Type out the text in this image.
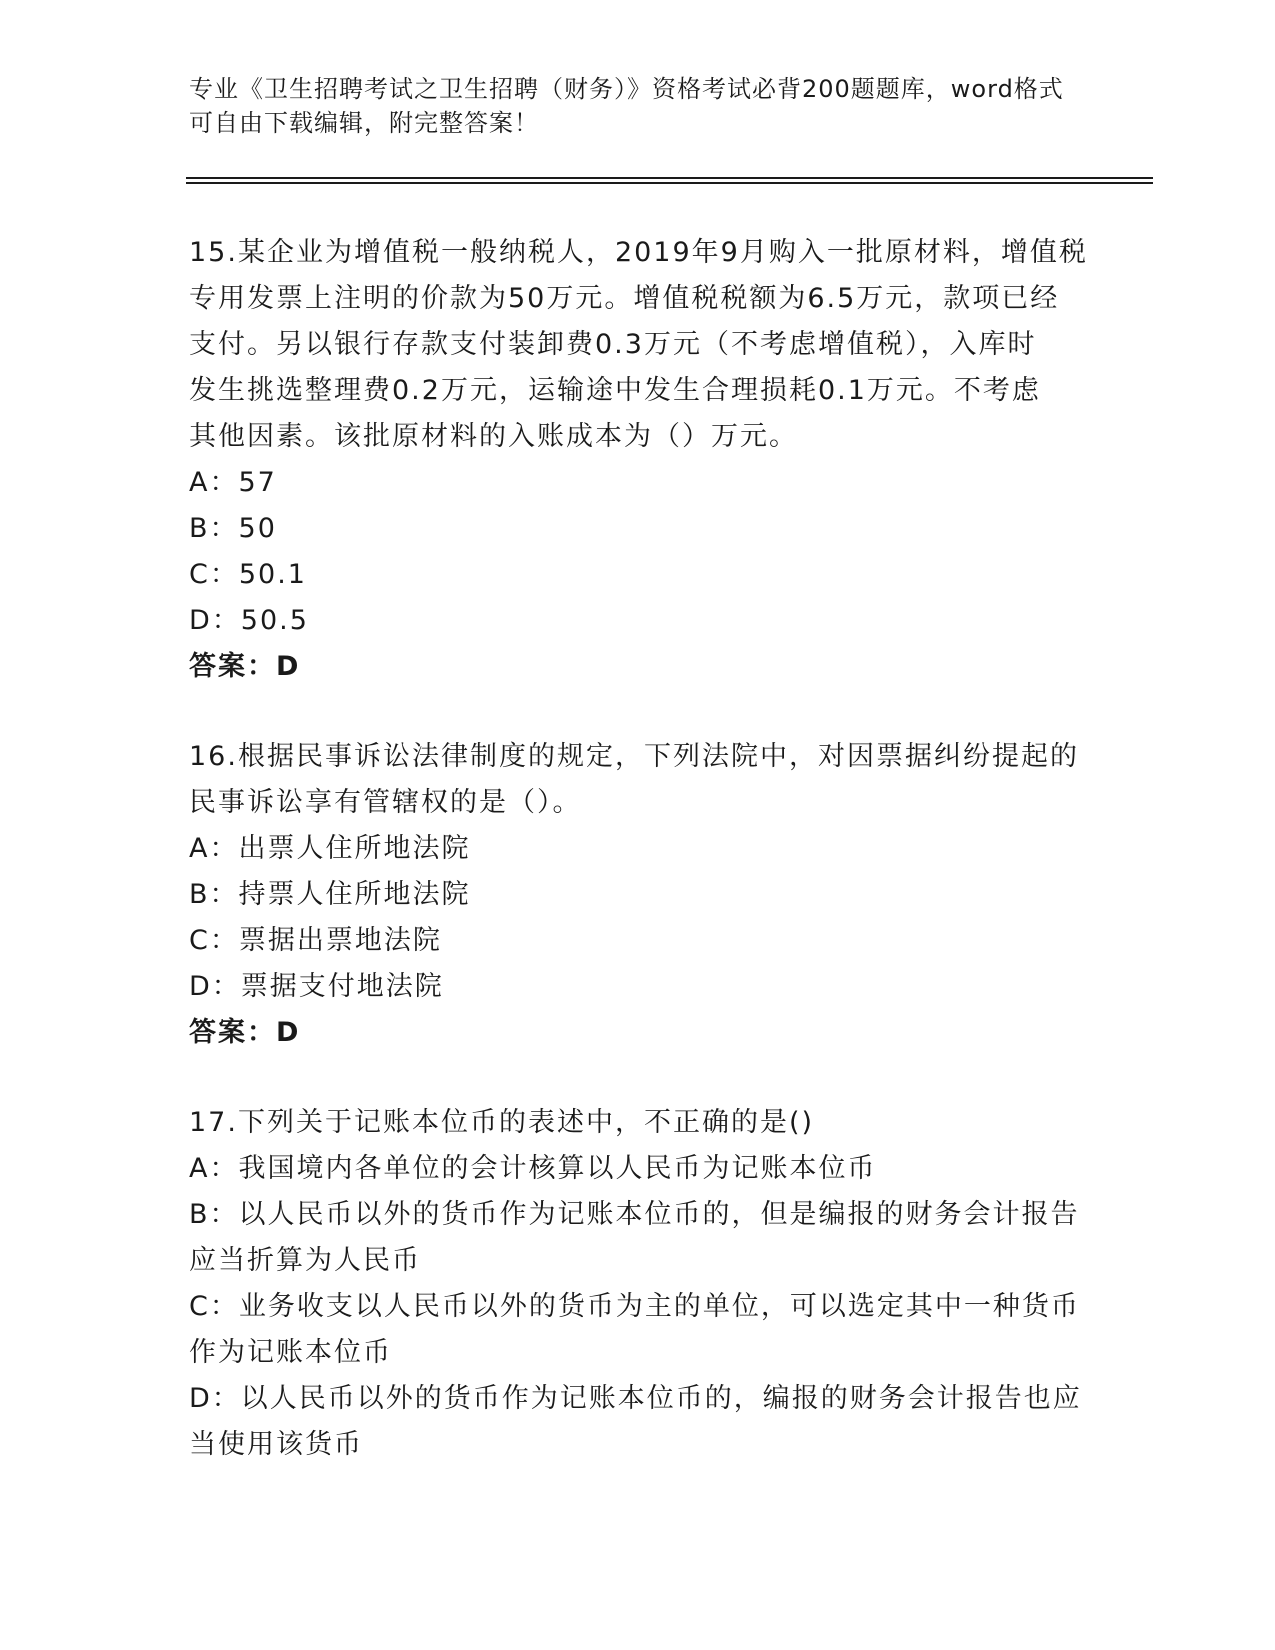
专业《卫生招聘考试之卫生招聘（财务）》资格考试必背200题题库，word格式
可自由下载编辑，附完整答案！
15.某企业为增值税一般纳税人，2019年9月购入一批原材料，增值税
专用发票上注明的价款为50万元。增值税税额为6.5万元，款项已经
支付。另以银行存款支付装卸费0.3万元（不考虑增值税），入库时
发生挑选整理费0.2万元，运输途中发生合理损耗0.1万元。不考虑
其他因素。该批原材料的入账成本为（）万元。
A：57
B：50
C：50.1
D：50.5
答案：D
16.根据民事诉讼法律制度的规定，下列法院中，对因票据纠纷提起的
民事诉讼享有管辖权的是（）。
A：出票人住所地法院
B：持票人住所地法院
C：票据出票地法院
D：票据支付地法院
答案：D
17.下列关于记账本位币的表述中，不正确的是()
A：我国境内各单位的会计核算以人民币为记账本位币
B：以人民币以外的货币作为记账本位币的，但是编报的财务会计报告
应当折算为人民币
C：业务收支以人民币以外的货币为主的单位，可以选定其中一种货币
作为记账本位币
D：以人民币以外的货币作为记账本位币的，编报的财务会计报告也应
当使用该货币
